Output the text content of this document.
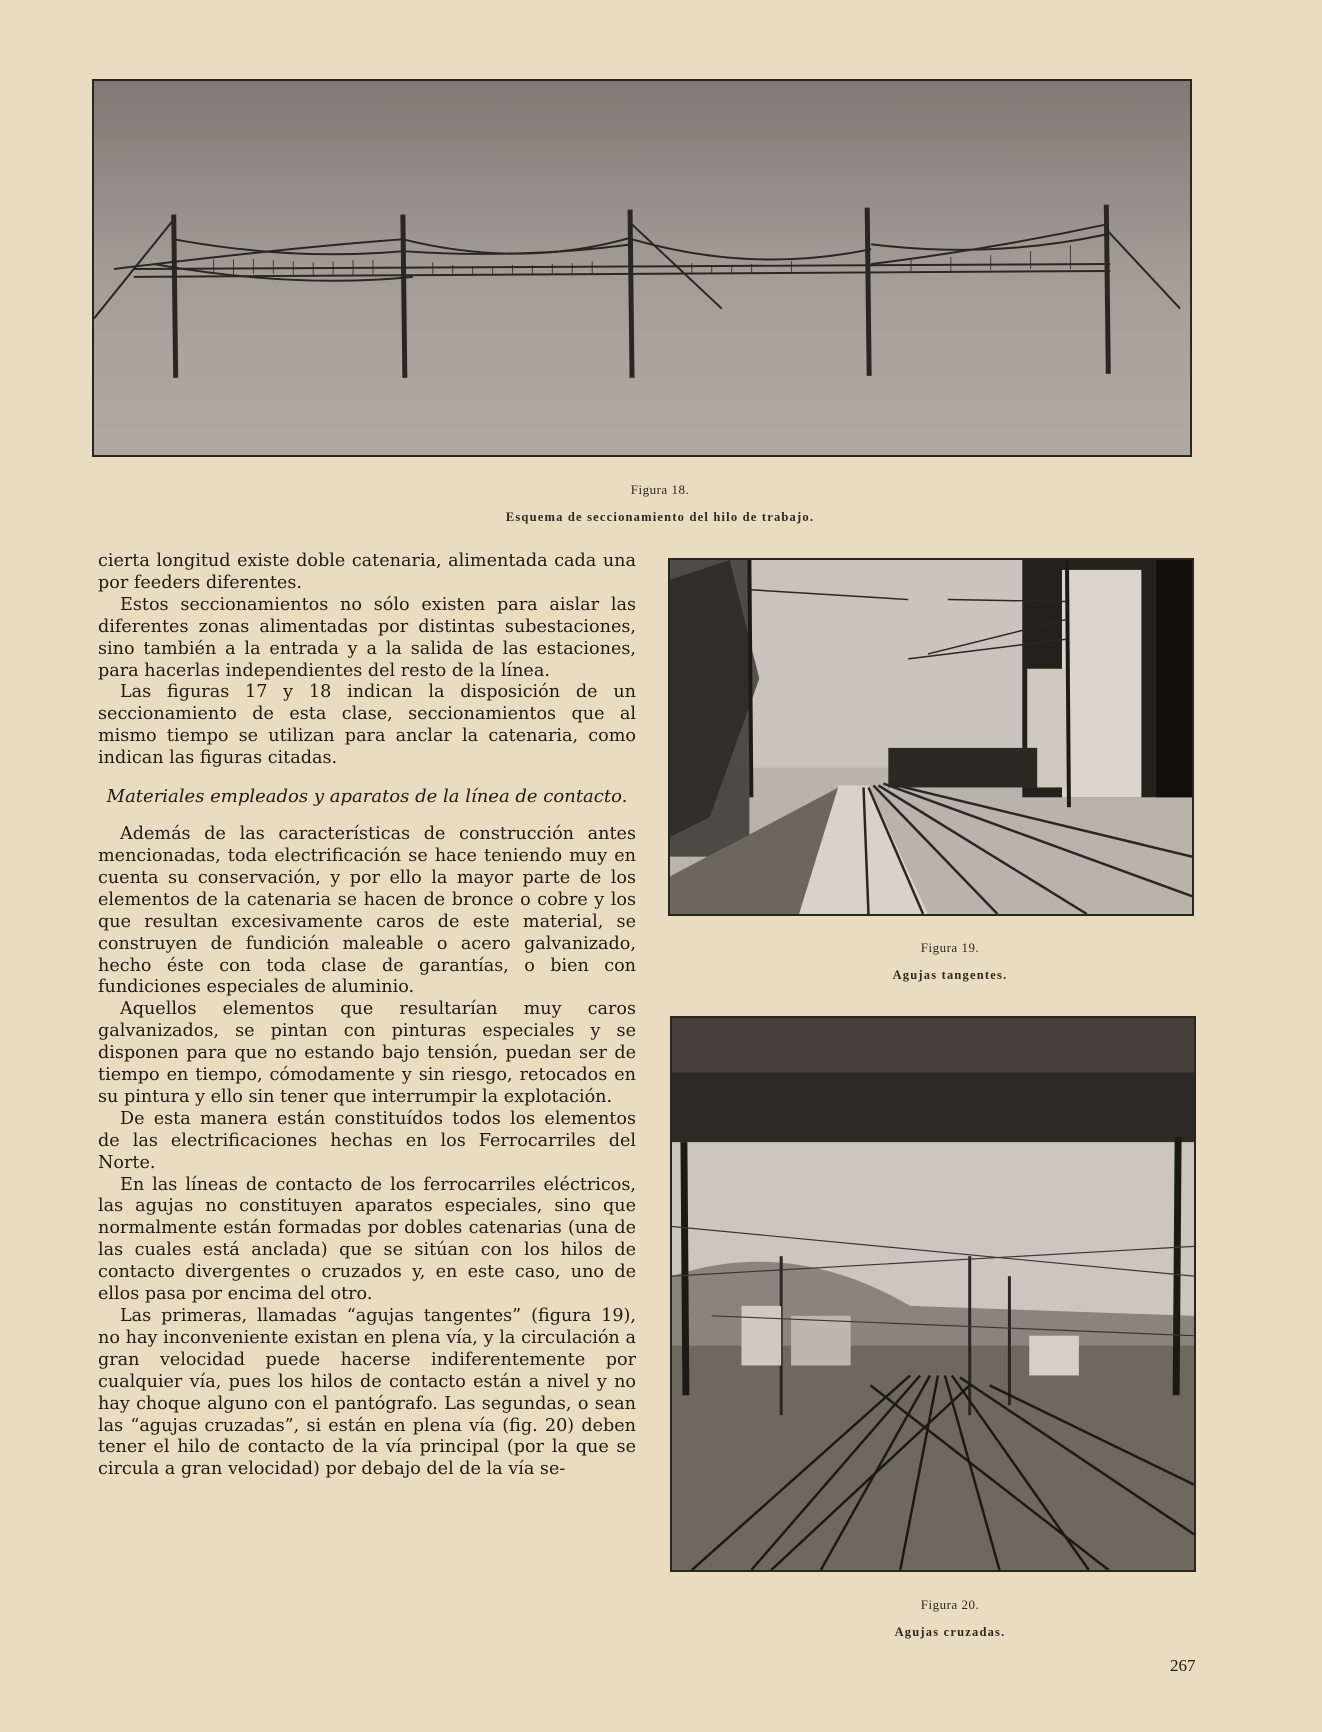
Figura 18.
Esquema de seccionamiento del hilo de trabajo.
Figura 19.
Agujas tangentes.
Figura 20.
Agujas cruzadas.

cierta longitud existe doble catenaria, alimentada cada una por feeders diferentes.

Estos seccionamientos no sólo existen para aislar las diferentes zonas alimentadas por distintas subestaciones, sino también a la entrada y a la salida de las estaciones, para hacerlas independientes del resto de la línea.

Las figuras 17 y 18 indican la disposición de un seccionamiento de esta clase, seccionamientos que al mismo tiempo se utilizan para anclar la catenaria, como indican las figuras citadas.

Materiales empleados y aparatos de la línea de contacto.

Además de las características de construcción antes mencionadas, toda electrificación se hace teniendo muy en cuenta su conservación, y por ello la mayor parte de los elementos de la catenaria se hacen de bronce o cobre y los que resultan excesivamente caros de este material, se construyen de fundición maleable o acero galvanizado, hecho éste con toda clase de garantías, o bien con fundiciones especiales de aluminio.

Aquellos elementos que resultarían muy caros galvanizados, se pintan con pinturas especiales y se disponen para que no estando bajo tensión, puedan ser de tiempo en tiempo, cómodamente y sin riesgo, retocados en su pintura y ello sin tener que interrumpir la explotación.

De esta manera están constituídos todos los elementos de las electrificaciones hechas en los Ferrocarriles del Norte.

En las líneas de contacto de los ferrocarriles eléctricos, las agujas no constituyen aparatos especiales, sino que normalmente están formadas por dobles catenarias (una de las cuales está anclada) que se sitúan con los hilos de contacto divergentes o cruzados y, en este caso, uno de ellos pasa por encima del otro.

Las primeras, llamadas “agujas tangentes” (figura 19), no hay inconveniente existan en plena vía, y la circulación a gran velocidad puede hacerse indiferentemente por cualquier vía, pues los hilos de contacto están a nivel y no hay choque alguno con el pantógrafo. Las segundas, o sean las “agujas cruzadas”, si están en plena vía (fig. 20) deben tener el hilo de contacto de la vía principal (por la que se circula a gran velocidad) por debajo del de la vía se-

267
